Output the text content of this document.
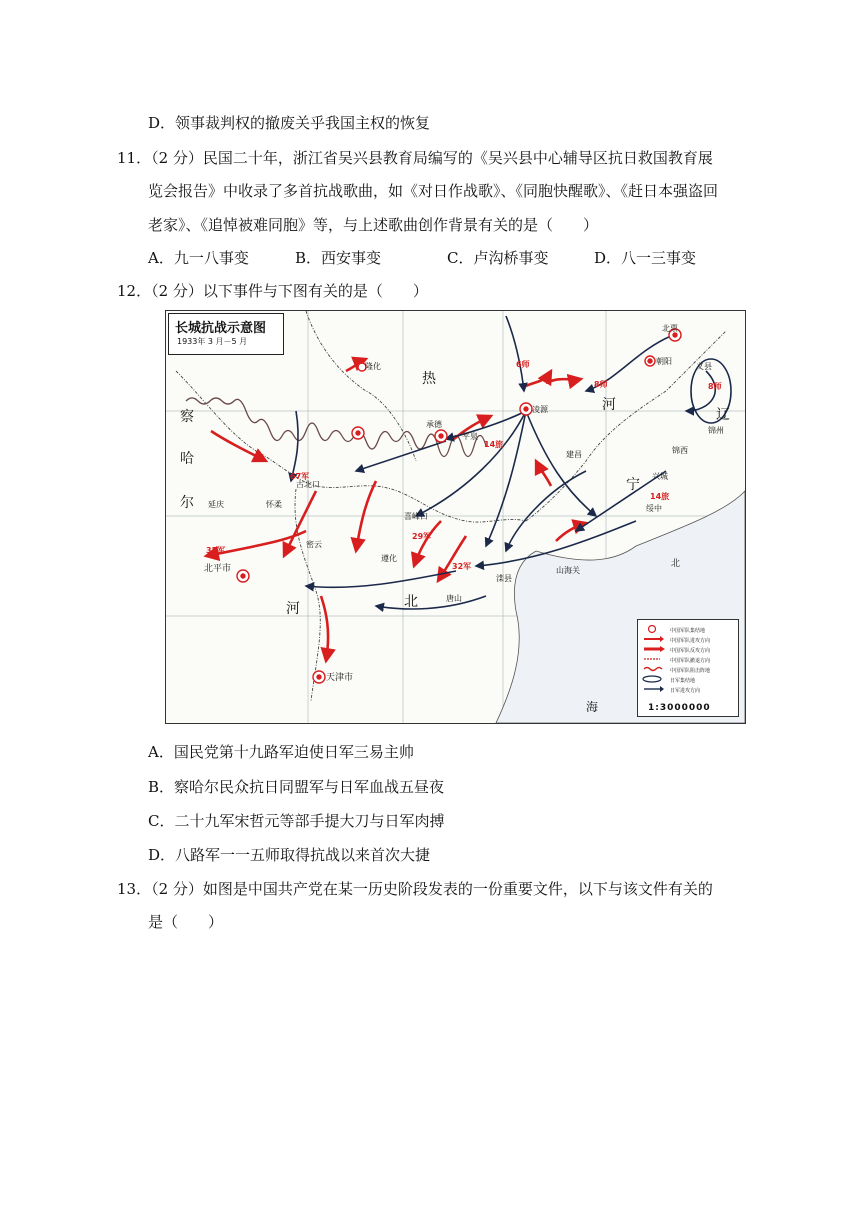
D．领事裁判权的撤废关乎我国主权的恢复
11．（2 分）民国二十年，浙江省吴兴县教育局编写的《吴兴县中心辅导区抗日救国教育展
览会报告》中收录了多首抗战歌曲，如《对日作战歌》、《同胞快醒歌》、《赶日本强盗回
老家》、《追悼被难同胞》等，与上述歌曲创作背景有关的是（　　）
A．九一八事变	B．西安事变	C．卢沟桥事变	D．八一三事变
12．（2 分）以下事件与下图有关的是（　　）
隆化
热
河
辽
宁
察
哈
尔
河	北
北
海
北平市
天津市
承德
凌源
平泉
朝阳
北票
义县
喜峰口
古北口
密云
遵化
唐山
滦县
山海关
锦西
兴城
绥中
建昌
锦州
怀柔
延庆
6师
8师
14旅
8师
14旅
67军
35军
32军
29军
长城抗战示意图
1933年 3 月－5 月
中国军队集结地
中国军队进攻方向
中国军队反攻方向
中国军队撤退方向
中国军队阻击阵地
日军集结地
日军进攻方向
1:3000000
A．国民党第十九路军迫使日军三易主帅
B．察哈尔民众抗日同盟军与日军血战五昼夜
C．二十九军宋哲元等部手提大刀与日军肉搏
D．八路军一一五师取得抗战以来首次大捷
13．（2 分）如图是中国共产党在某一历史阶段发表的一份重要文件，以下与该文件有关的
是（　　）
